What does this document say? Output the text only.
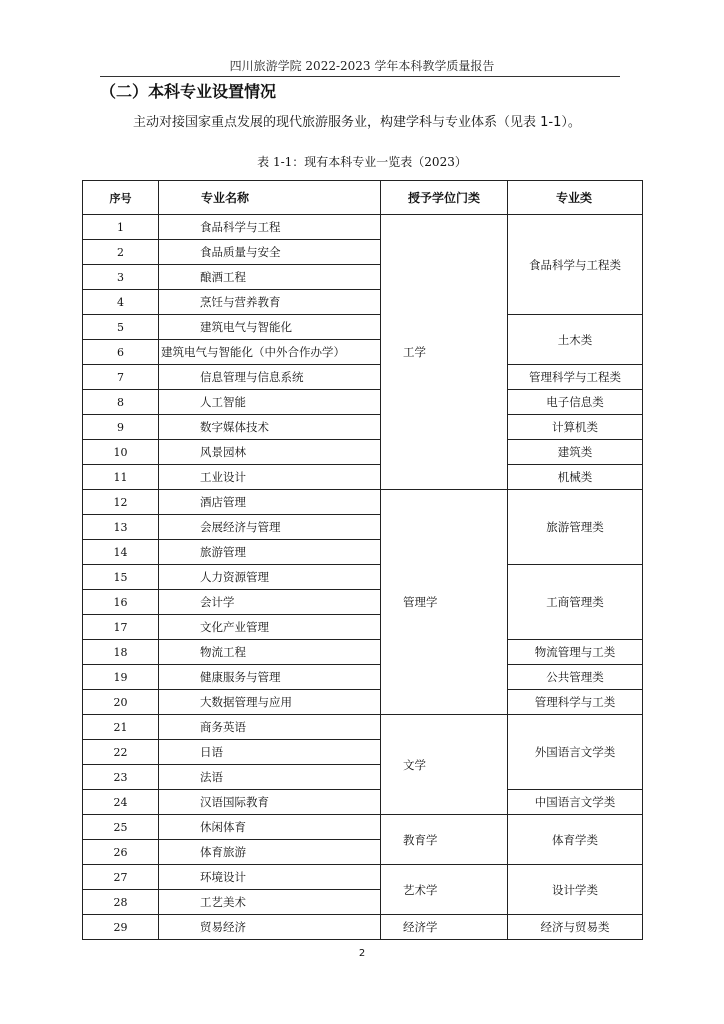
四川旅游学院 2022-2023 学年本科教学质量报告
（二）本科专业设置情况
主动对接国家重点发展的现代旅游服务业，构建学科与专业体系（见表 1-1）。
表 1-1：现有本科专业一览表（2023）
序号	专业名称	授予学位门类	专业类
1	食品科学与工程	工学	食品科学与工程类
2	食品质量与安全		
3	酿酒工程		
4	烹饪与营养教育		
5	建筑电气与智能化		土木类
6	建筑电气与智能化（中外合作办学）		
7	信息管理与信息系统		管理科学与工程类
8	人工智能		电子信息类
9	数字媒体技术		计算机类
10	风景园林		建筑类
11	工业设计		机械类
12	酒店管理	管理学	旅游管理类
13	会展经济与管理		
14	旅游管理		
15	人力资源管理		工商管理类
16	会计学		
17	文化产业管理		
18	物流工程		物流管理与工类
19	健康服务与管理		公共管理类
20	大数据管理与应用		管理科学与工类
21	商务英语	文学	外国语言文学类
22	日语		
23	法语		
24	汉语国际教育		中国语言文学类
25	休闲体育	教育学	体育学类
26	体育旅游		
27	环境设计	艺术学	设计学类
28	工艺美术		
29	贸易经济	经济学	经济与贸易类
2
